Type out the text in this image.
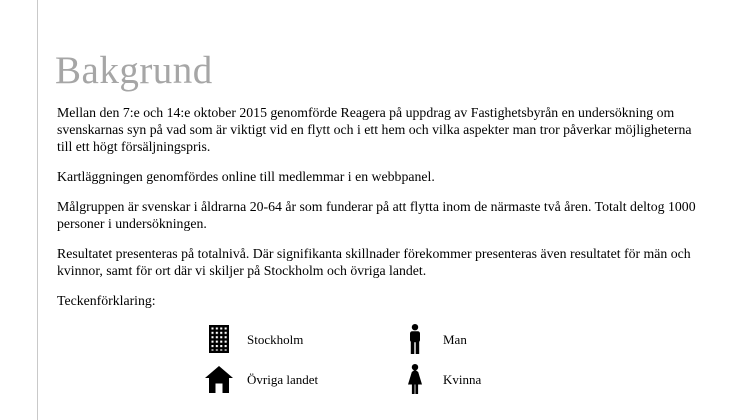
Bakgrund

Mellan den 7:e och 14:e oktober 2015 genomförde Reagera på uppdrag av Fastighetsbyrån en undersökning om svenskarnas syn på vad som är viktigt vid en flytt och i ett hem och vilka aspekter man tror påverkar möjligheterna till ett högt försäljningspris.

Kartläggningen genomfördes online till medlemmar i en webbpanel.

Målgruppen är svenskar i åldrarna 20-64 år som funderar på att flytta inom de närmaste två åren. Totalt deltog 1000 personer i undersökningen.

Resultatet presenteras på totalnivå. Där signifikanta skillnader förekommer presenteras även resultatet för män och kvinnor, samt för ort där vi skiljer på Stockholm och övriga landet.

Teckenförklaring:

Stockholm
Övriga landet
Man
Kvinna
